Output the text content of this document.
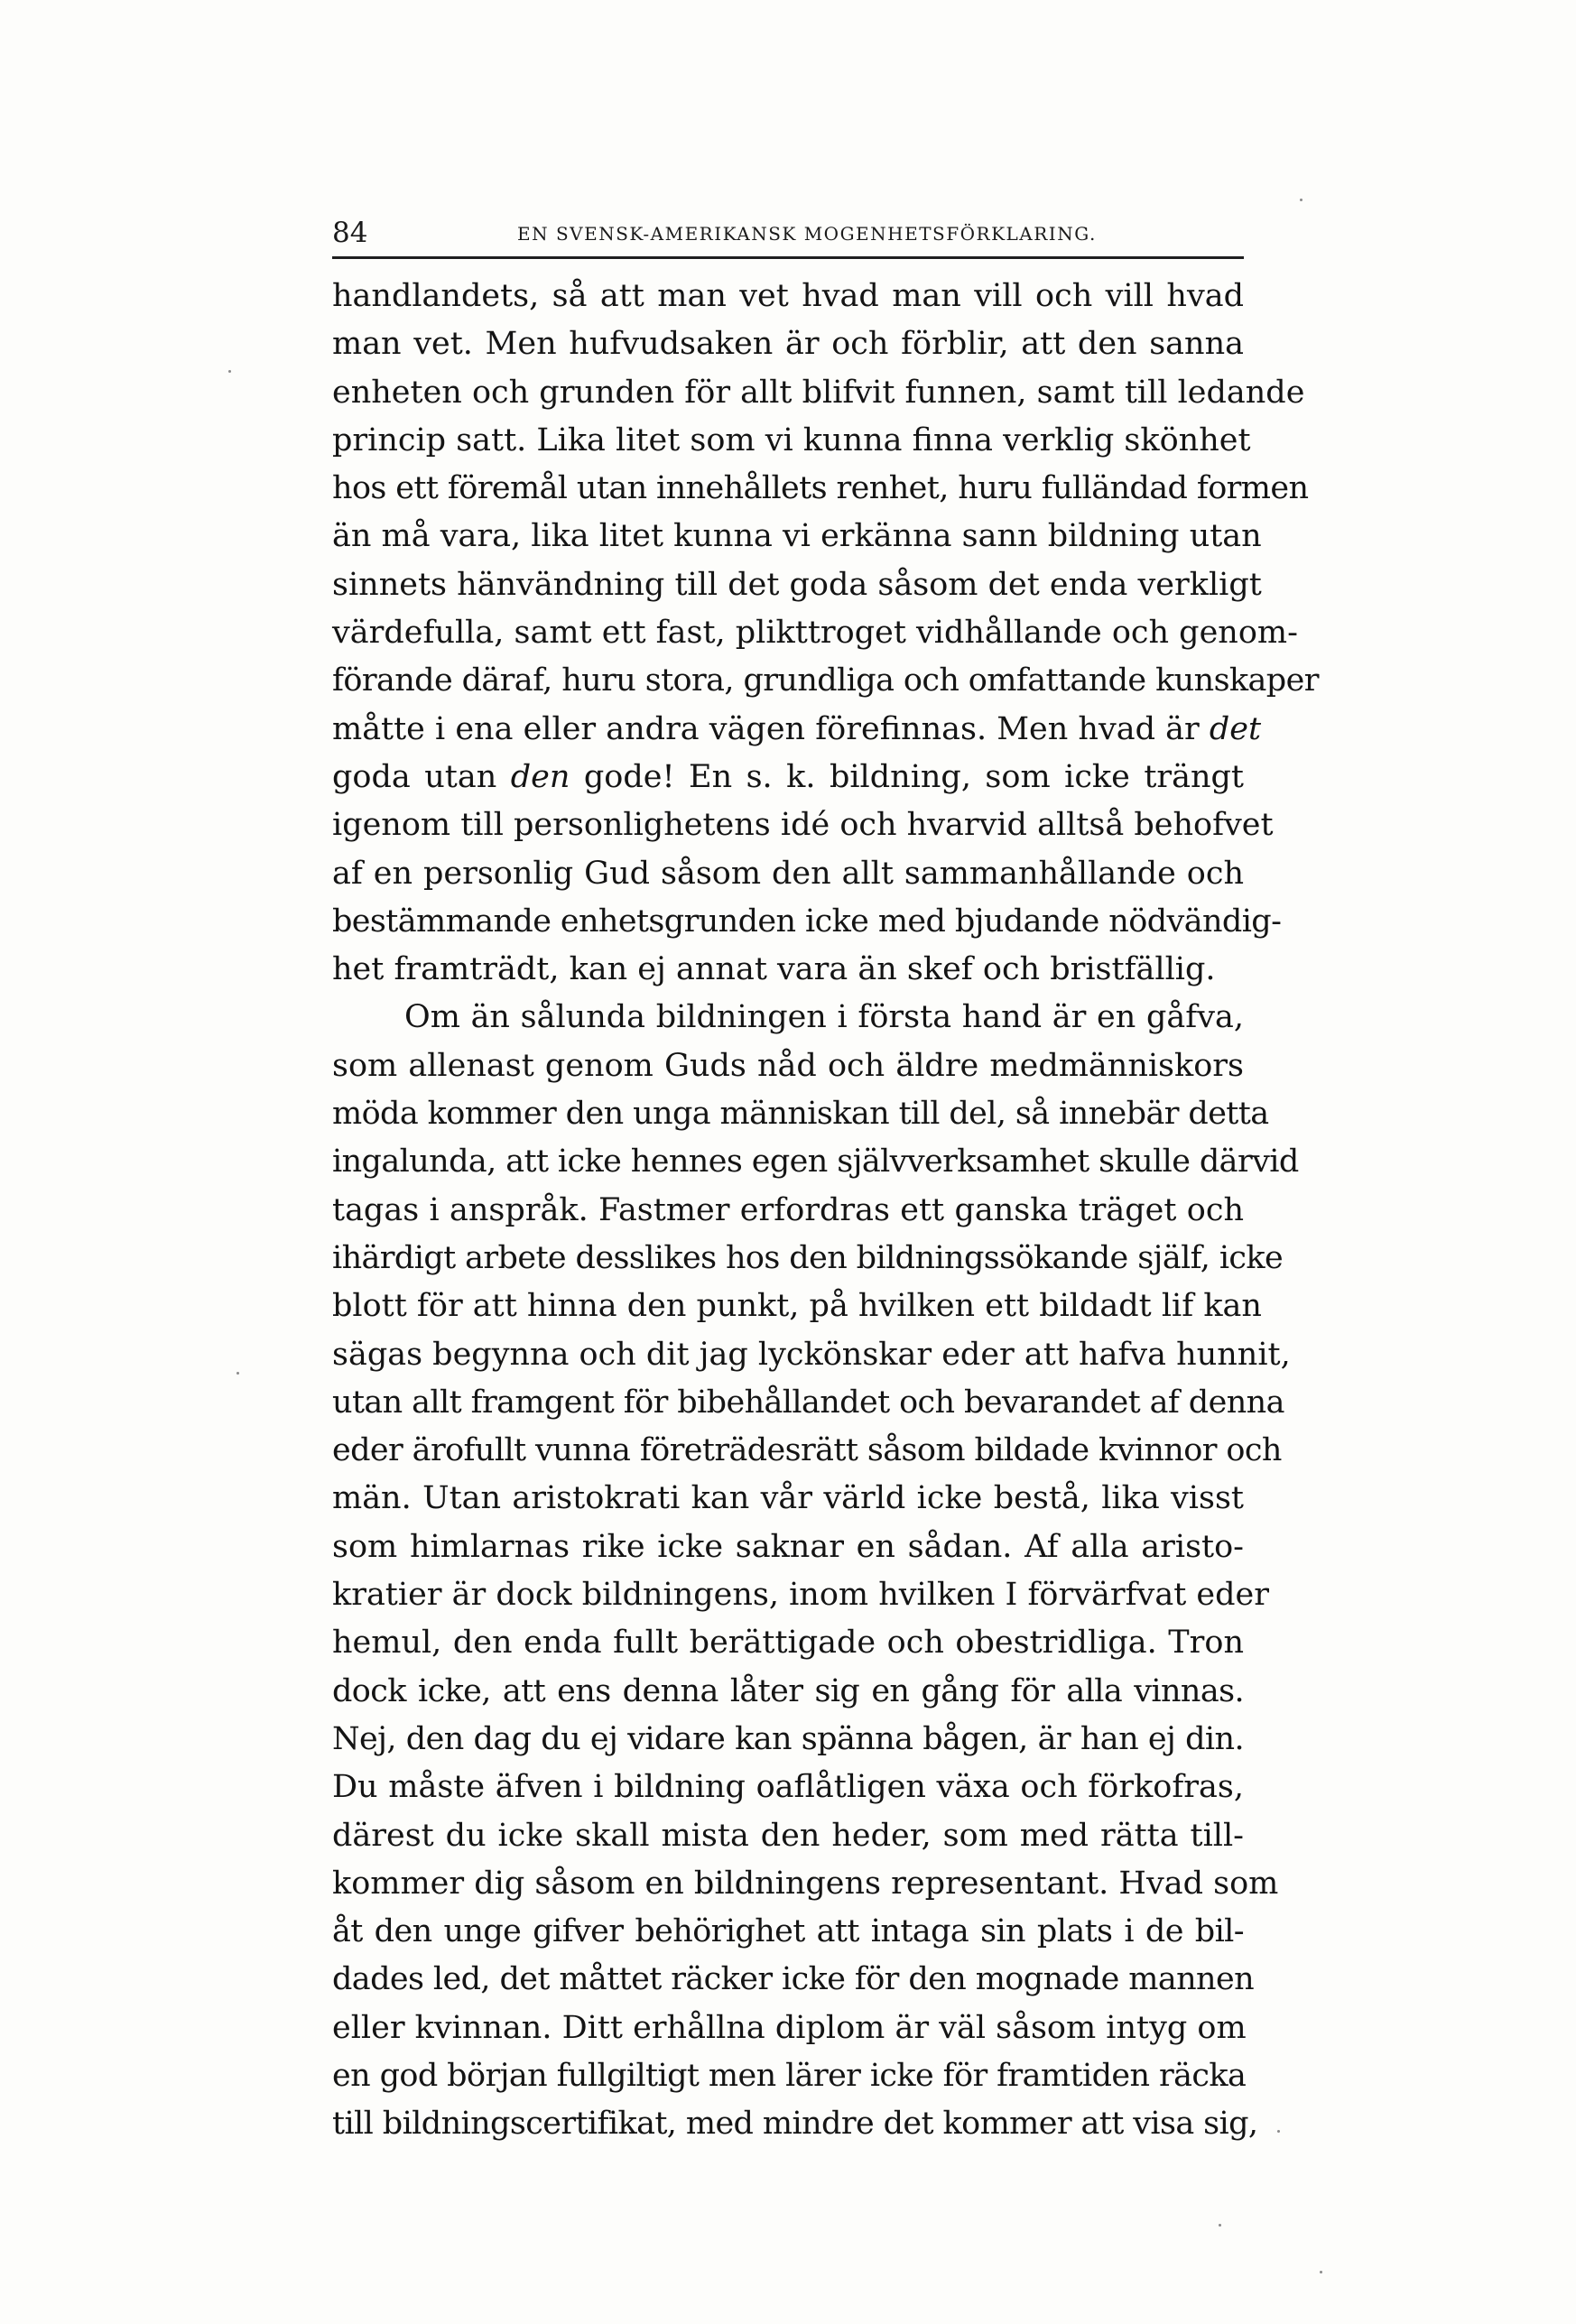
84	EN SVENSK-AMERIKANSK MOGENHETSFÖRKLARING.
handlandets, så att man vet hvad man vill och vill hvad
man vet. Men hufvudsaken är och förblir, att den sanna
enheten och grunden för allt blifvit funnen, samt till ledande
princip satt. Lika litet som vi kunna finna verklig skönhet
hos ett föremål utan innehållets renhet, huru fulländad formen
än må vara, lika litet kunna vi erkänna sann bildning utan
sinnets hänvändning till det goda såsom det enda verkligt
värdefulla, samt ett fast, plikttroget vidhållande och genom-
förande däraf, huru stora, grundliga och omfattande kunskaper
måtte i ena eller andra vägen förefinnas. Men hvad är det
goda utan den gode! En s. k. bildning, som icke trängt
igenom till personlighetens idé och hvarvid alltså behofvet
af en personlig Gud såsom den allt sammanhållande och
bestämmande enhetsgrunden icke med bjudande nödvändig-
het framträdt, kan ej annat vara än skef och bristfällig.
Om än sålunda bildningen i första hand är en gåfva,
som allenast genom Guds nåd och äldre medmänniskors
möda kommer den unga människan till del, så innebär detta
ingalunda, att icke hennes egen självverksamhet skulle därvid
tagas i anspråk. Fastmer erfordras ett ganska träget och
ihärdigt arbete desslikes hos den bildningssökande själf, icke
blott för att hinna den punkt, på hvilken ett bildadt lif kan
sägas begynna och dit jag lyckönskar eder att hafva hunnit,
utan allt framgent för bibehållandet och bevarandet af denna
eder ärofullt vunna företrädesrätt såsom bildade kvinnor och
män. Utan aristokrati kan vår värld icke bestå, lika visst
som himlarnas rike icke saknar en sådan. Af alla aristo-
kratier är dock bildningens, inom hvilken I förvärfvat eder
hemul, den enda fullt berättigade och obestridliga. Tron
dock icke, att ens denna låter sig en gång för alla vinnas.
Nej, den dag du ej vidare kan spänna bågen, är han ej din.
Du måste äfven i bildning oaflåtligen växa och förkofras,
därest du icke skall mista den heder, som med rätta till-
kommer dig såsom en bildningens representant. Hvad som
åt den unge gifver behörighet att intaga sin plats i de bil-
dades led, det måttet räcker icke för den mognade mannen
eller kvinnan. Ditt erhållna diplom är väl såsom intyg om
en god början fullgiltigt men lärer icke för framtiden räcka
till bildningscertifikat, med mindre det kommer att visa sig,
